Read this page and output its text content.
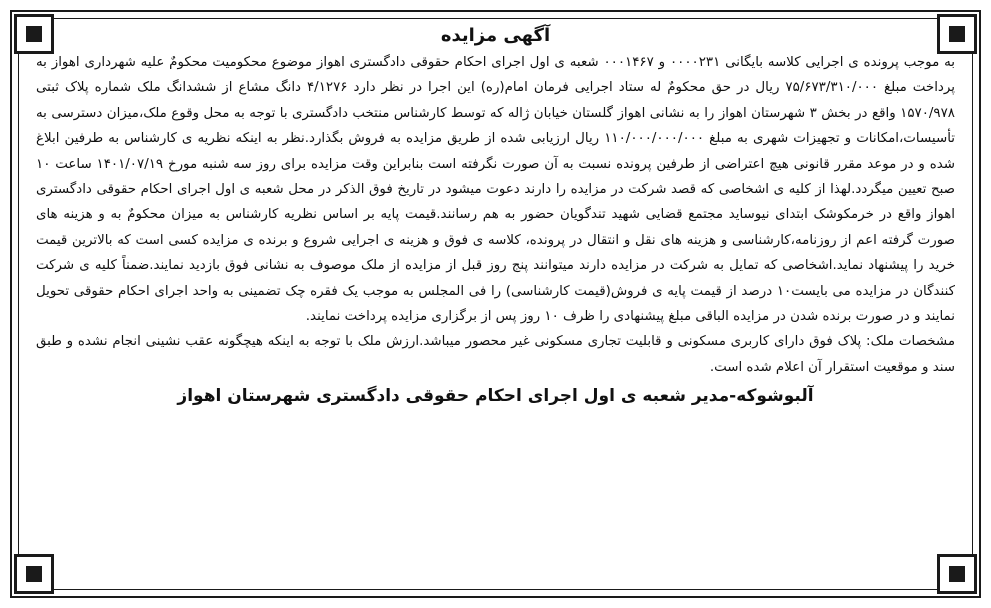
آگهی مزایده

به موجب پرونده ی اجرایی کلاسه بایگانی ۰۰۰۰۲۳۱ و ۰۰۰۱۴۶۷ شعبه ی اول اجرای احکام حقوقی دادگستری اهواز موضوع محکومیت محکومٌ علیه شهرداری اهواز به پرداخت مبلغ ۷۵/۶۷۳/۳۱۰/۰۰۰ ریال در حق محکومٌ له ستاد اجرایی فرمان امام(ره) این اجرا در نظر دارد ۴/۱۲۷۶ دانگ مشاع از ششدانگ ملک شماره پلاک ثبتی ۱۵۷۰/۹۷۸ واقع در بخش ۳ شهرستان اهواز را به نشانی اهواز گلستان خیابان ژاله که توسط کارشناس منتخب دادگستری با توجه به محل وقوع ملک،میزان دسترسی به تأسیسات،امکانات و تجهیزات شهری به مبلغ ۱۱۰/۰۰۰/۰۰۰/۰۰۰ ریال ارزیابی شده از طریق مزایده به فروش بگذارد.نظر به اینکه نظریه ی کارشناس به طرفین ابلاغ شده و در موعد مقرر قانونی هیچ اعتراضی از طرفین پرونده نسبت به آن صورت نگرفته است بنابراین وقت مزایده برای روز سه شنبه مورخ ۱۴۰۱/۰۷/۱۹ ساعت ۱۰ صبح تعیین میگردد.لهذا از کلیه ی اشخاصی که قصد شرکت در مزایده را دارند دعوت میشود در تاریخ فوق الذکر در محل شعبه ی اول اجرای احکام حقوقی دادگستری اهواز واقع در خرمکوشک ابتدای نیوساید مجتمع قضایی شهید تندگویان حضور به هم رسانند.قیمت پایه بر اساس نظریه کارشناس به میزان محکومٌ به و هزینه های صورت گرفته اعم از روزنامه،کارشناسی و هزینه های نقل و انتقال در پرونده، کلاسه ی فوق و هزینه ی اجرایی شروع و برنده ی مزایده کسی است که بالاترین قیمت خرید را پیشنهاد نماید.اشخاصی که تمایل به شرکت در مزایده دارند میتوانند پنج روز قبل از مزایده از ملک موصوف به نشانی فوق بازدید نمایند.ضمناً کلیه ی شرکت کنندگان در مزایده می بایست۱۰ درصد از قیمت پایه ی فروش(قیمت کارشناسی) را فی المجلس به موجب یک فقره چک تضمینی به واحد اجرای احکام حقوقی تحویل نمایند و در صورت برنده شدن در مزایده الباقی مبلغ پیشنهادی را ظرف ۱۰ روز پس از برگزاری مزایده پرداخت نمایند.

مشخصات ملک: پلاک فوق دارای کاربری مسکونی و قابلیت تجاری مسکونی غیر محصور میباشد.ارزش ملک با توجه به اینکه هیچگونه عقب نشینی انجام نشده و طبق سند و موقعیت استقرار آن اعلام شده است.

آلبوشوکه-مدیر شعبه ی اول اجرای احکام حقوقی دادگستری شهرستان اهواز
